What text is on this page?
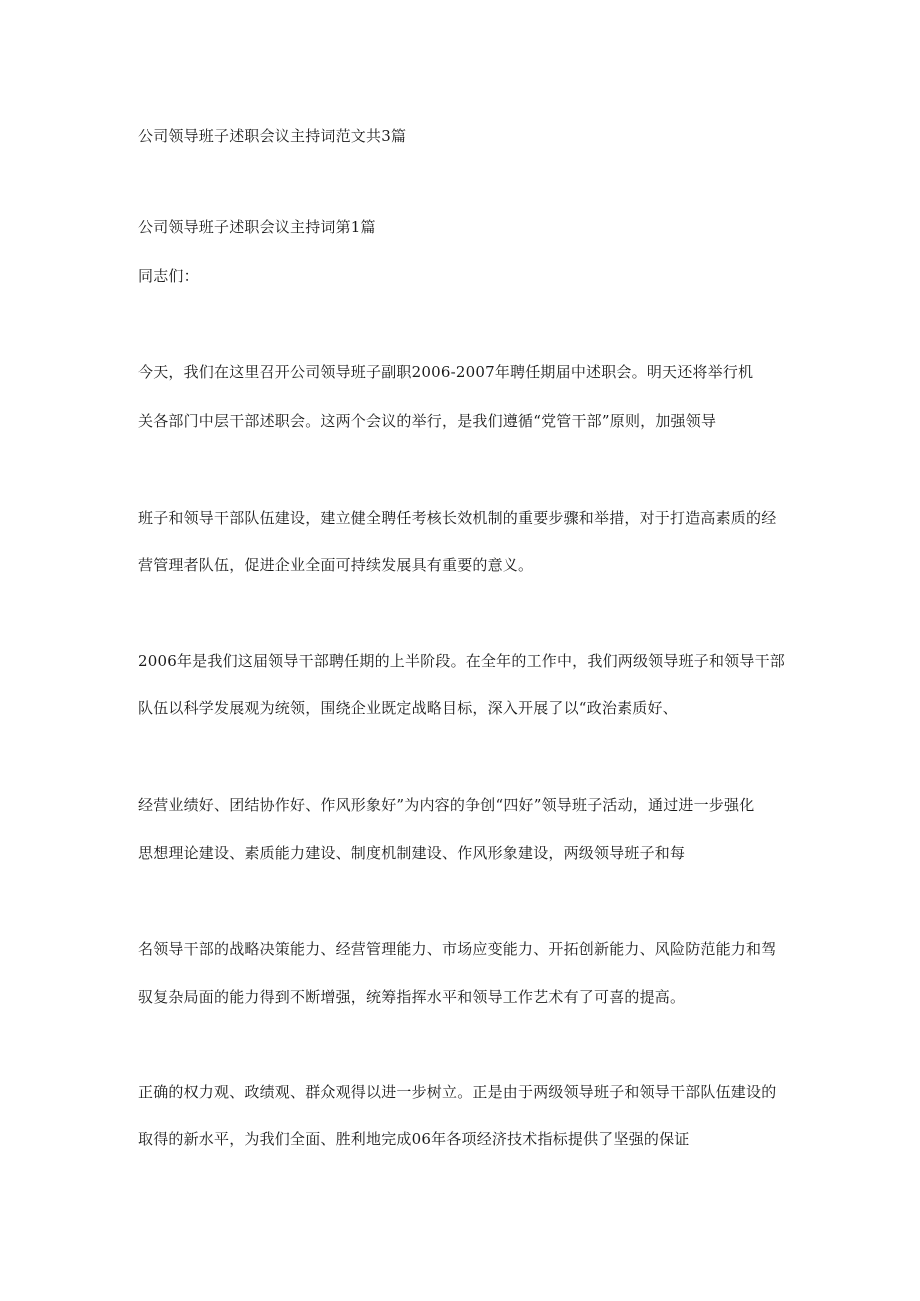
公司领导班子述职会议主持词范文共3篇
公司领导班子述职会议主持词第1篇
同志们：
今天，我们在这里召开公司领导班子副职2006-2007年聘任期届中述职会。明天还将举行机
关各部门中层干部述职会。这两个会议的举行，是我们遵循“党管干部”原则，加强领导
班子和领导干部队伍建设，建立健全聘任考核长效机制的重要步骤和举措，对于打造高素质的经
营管理者队伍，促进企业全面可持续发展具有重要的意义。
2006年是我们这届领导干部聘任期的上半阶段。在全年的工作中，我们两级领导班子和领导干部
队伍以科学发展观为统领，围绕企业既定战略目标，深入开展了以“政治素质好、
经营业绩好、团结协作好、作风形象好”为内容的争创“四好”领导班子活动，通过进一步强化
思想理论建设、素质能力建设、制度机制建设、作风形象建设，两级领导班子和每
名领导干部的战略决策能力、经营管理能力、市场应变能力、开拓创新能力、风险防范能力和驾
驭复杂局面的能力得到不断增强，统筹指挥水平和领导工作艺术有了可喜的提高。
正确的权力观、政绩观、群众观得以进一步树立。正是由于两级领导班子和领导干部队伍建设的
取得的新水平，为我们全面、胜利地完成06年各项经济技术指标提供了坚强的保证
